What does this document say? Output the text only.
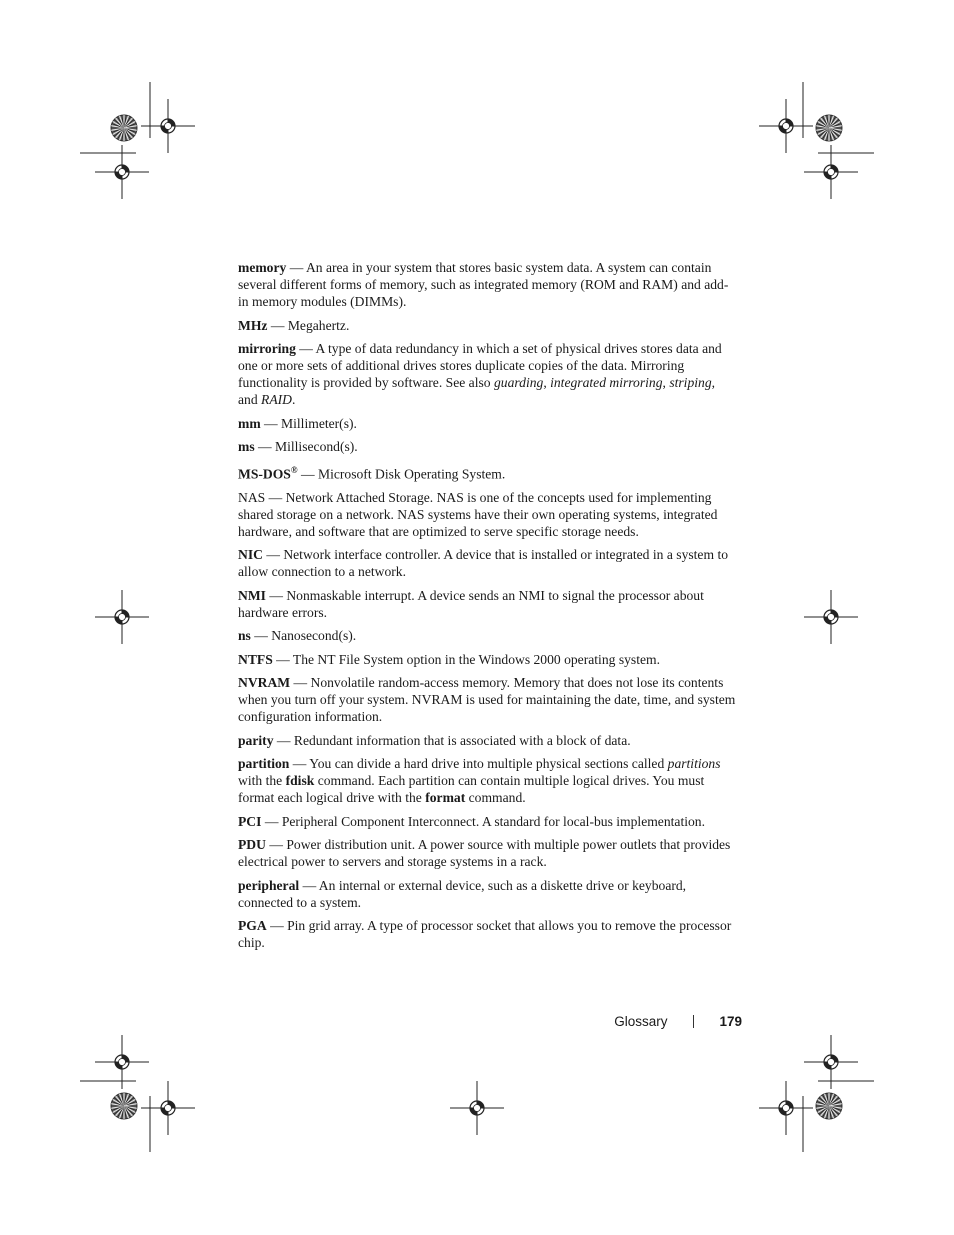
memory — An area in your system that stores basic system data. A system can contain several different forms of memory, such as integrated memory (ROM and RAM) and add-in memory modules (DIMMs).

MHz — Megahertz.

mirroring — A type of data redundancy in which a set of physical drives stores data and one or more sets of additional drives stores duplicate copies of the data. Mirroring functionality is provided by software. See also guarding, integrated mirroring, striping, and RAID.

mm — Millimeter(s).

ms — Millisecond(s).

MS-DOS® — Microsoft Disk Operating System.

NAS — Network Attached Storage. NAS is one of the concepts used for implementing shared storage on a network. NAS systems have their own operating systems, integrated hardware, and software that are optimized to serve specific storage needs.

NIC — Network interface controller. A device that is installed or integrated in a system to allow connection to a network.

NMI — Nonmaskable interrupt. A device sends an NMI to signal the processor about hardware errors.

ns — Nanosecond(s).

NTFS — The NT File System option in the Windows 2000 operating system.

NVRAM — Nonvolatile random-access memory. Memory that does not lose its contents when you turn off your system. NVRAM is used for maintaining the date, time, and system configuration information.

parity — Redundant information that is associated with a block of data.

partition — You can divide a hard drive into multiple physical sections called partitions with the fdisk command. Each partition can contain multiple logical drives. You must format each logical drive with the format command.

PCI — Peripheral Component Interconnect. A standard for local-bus implementation.

PDU — Power distribution unit. A power source with multiple power outlets that provides electrical power to servers and storage systems in a rack.

peripheral — An internal or external device, such as a diskette drive or keyboard, connected to a system.

PGA — Pin grid array. A type of processor socket that allows you to remove the processor chip.

Glossary	179
